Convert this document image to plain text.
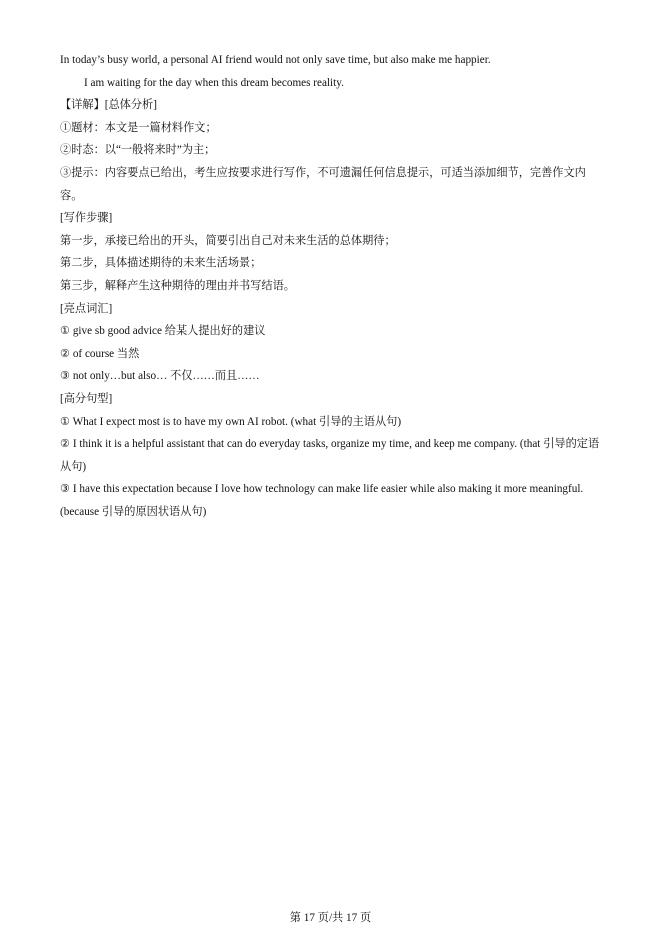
In today’s busy world, a personal AI friend would not only save time, but also make me happier.
I am waiting for the day when this dream becomes reality.
【详解】[总体分析]
①题材：本文是一篇材料作文；
②时态：以“一般将来时”为主；
③提示：内容要点已给出，考生应按要求进行写作，不可遗漏任何信息提示，可适当添加细节，完善作文内容。
[写作步骤]
第一步，承接已给出的开头，简要引出自己对未来生活的总体期待；
第二步，具体描述期待的未来生活场景；
第三步，解释产生这种期待的理由并书写结语。
[亮点词汇]
① give sb good advice 给某人提出好的建议
② of course 当然
③ not only…but also… 不仅……而且……
[高分句型]
① What I expect most is to have my own AI robot. (what 引导的主语从句)
② I think it is a helpful assistant that can do everyday tasks, organize my time, and keep me company. (that 引导的定语从句)
③ I have this expectation because I love how technology can make life easier while also making it more meaningful. (because 引导的原因状语从句)
第 17 页/共 17 页
